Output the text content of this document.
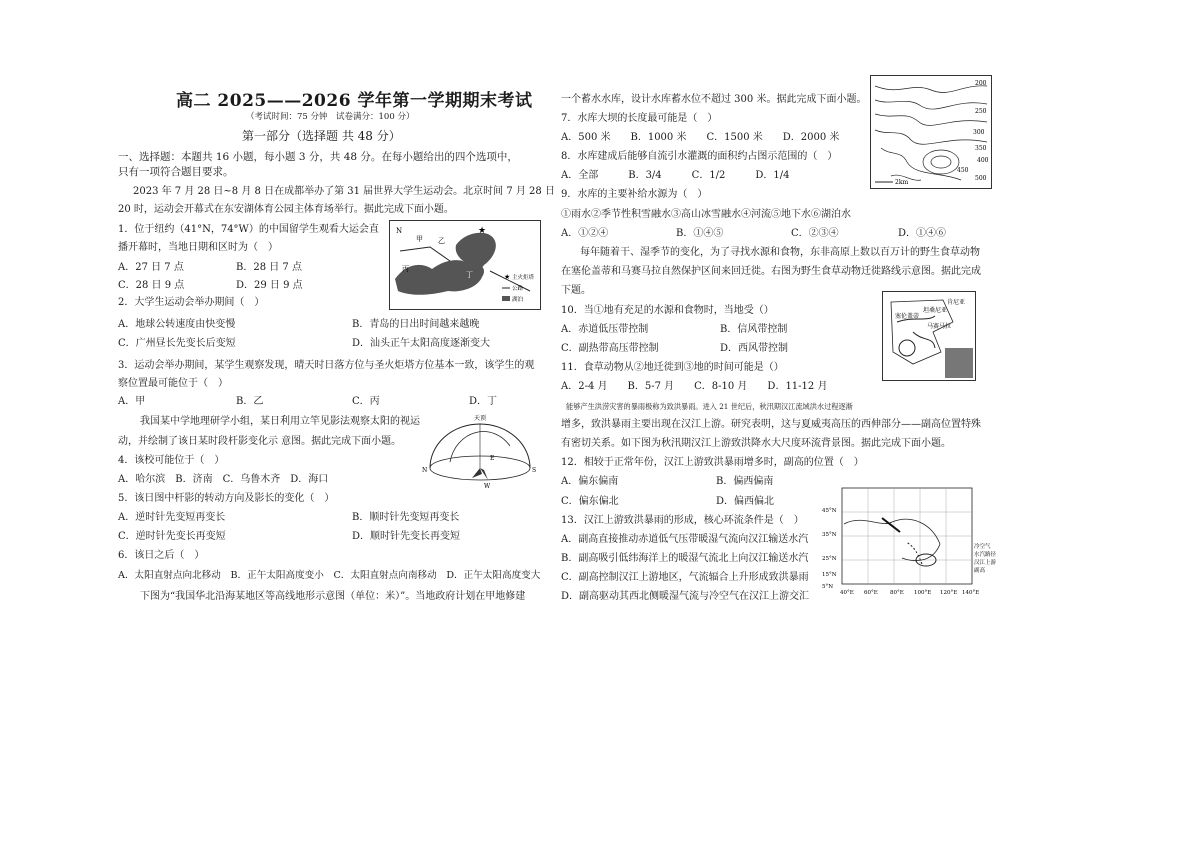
高二 2025——2026 学年第一学期期末考试
（考试时间：75 分钟　试卷满分：100 分）
第一部分（选择题 共 48 分）
一、选择题：本题共 16 小题，每小题 3 分，共 48 分。在每小题给出的四个选项中，
只有一项符合题目要求。
2023 年 7 月 28 日~8 月 8 日在成都举办了第 31 届世界大学生运动会。北京时间 7 月 28 日
20 时，运动会开幕式在东安湖体育公园主体育场举行。据此完成下面小题。
1．位于纽约（41°N，74°W）的中国留学生观看大运会直
播开幕时，当地日期和区时为（　）
A．27 日 7 点	B．28 日 7 点
C．28 日 9 点	D．29 日 9 点
2．大学生运动会举办期间（　）
A．地球公转速度由快变慢	B．青岛的日出时间越来越晚
C．广州昼长先变长后变短	D．汕头正午太阳高度逐渐变大
3．运动会举办期间，某学生观察发现，晴天时日落方位与圣火炬塔方位基本一致，该学生的观
察位置最可能位于（　）
A．甲	B．乙	C．丙	D．丁
我国某中学地理研学小组，某日利用立竿见影法观察太阳的视运
动，并绘制了该日某时段杆影变化示 意图。据此完成下面小题。
4．该校可能位于（　）
A．哈尔滨　B．济南　C．乌鲁木齐　D．海口
5．该日图中杆影的转动方向及影长的变化（　）
A．逆时针先变短再变长	B．顺时针先变短再变长
C．逆时针先变长再变短	D．顺时针先变长再变短
6．该日之后（　）
A．太阳直射点向北移动　B．正午太阳高度变小　C．太阳直射点向南移动　D．正午太阳高度变大
下图为“我国华北沿海某地区等高线地形示意图（单位：米）”。当地政府计划在甲地修建
N
甲 乙
丙
丁
★
★ 主火炬塔
公路
湖泊
天顶
N	S
E
W
一个蓄水水库，设计水库蓄水位不超过 300 米。据此完成下面小题。
7．水库大坝的长度最可能是（　）
A．500 米　　B．1000 米　　C．1500 米　　D．2000 米
8．水库建成后能够自流引水灌溉的面积约占图示范围的（　）
A．全部　　　B．3/4　　　C．1/2　　　D．1/4
9．水库的主要补给水源为（　）
①雨水②季节性积雪融水③高山冰雪融水④河流⑤地下水⑥湖泊水
A．①②④	B．①④⑤	C．②③④	D．①④⑥
每年随着干、湿季节的变化，为了寻找水源和食物，东非高原上数以百万计的野生食草动物
在塞伦盖蒂和马赛马拉自然保护区间来回迁徙。右图为野生食草动物迁徙路线示意图。据此完成
下题。
10．当①地有充足的水源和食物时，当地受（）
A．赤道低压带控制	B．信风带控制
C．副热带高压带控制	D．西风带控制
11．食草动物从②地迁徙到③地的时间可能是（）
A．2-4 月　　B．5-7 月　　C．8-10 月　　D．11-12 月
能够产生洪涝灾害的暴雨极称为致洪暴雨。进入 21 世纪后，秋汛期汉江流域洪水过程逐渐
增多，致洪暴雨主要出现在汉江上游。研究表明，这与夏威夷高压的西伸部分——副高位置特殊
有密切关系。如下图为秋汛期汉江上游致洪降水大尺度环流背景图。据此完成下面小题。
12．相较于正常年份，汉江上游致洪暴雨增多时，副高的位置（　）
A．偏东偏南	B．偏西偏南
C．偏东偏北	D．偏西偏北
13．汉江上游致洪暴雨的形成，核心环流条件是（　）
A．副高直接推动赤道低气压带暖湿气流向汉江输送水汽
B．副高吸引低纬海洋上的暖湿气流北上向汉江输送水汽
C．副高控制汉江上游地区，气流辐合上升形成致洪暴雨
D．副高驱动其西北侧暖湿气流与冷空气在汉江上游交汇
200
250
300
350
400
450
500
2km
肯尼亚
塞伦盖蒂
坦桑尼亚
马赛马拉
45°N
35°N
25°N
15°N
5°N
40°E 60°E 80°E 100°E 120°E 140°E
冷空气
水汽路径
汉江上游
副高
